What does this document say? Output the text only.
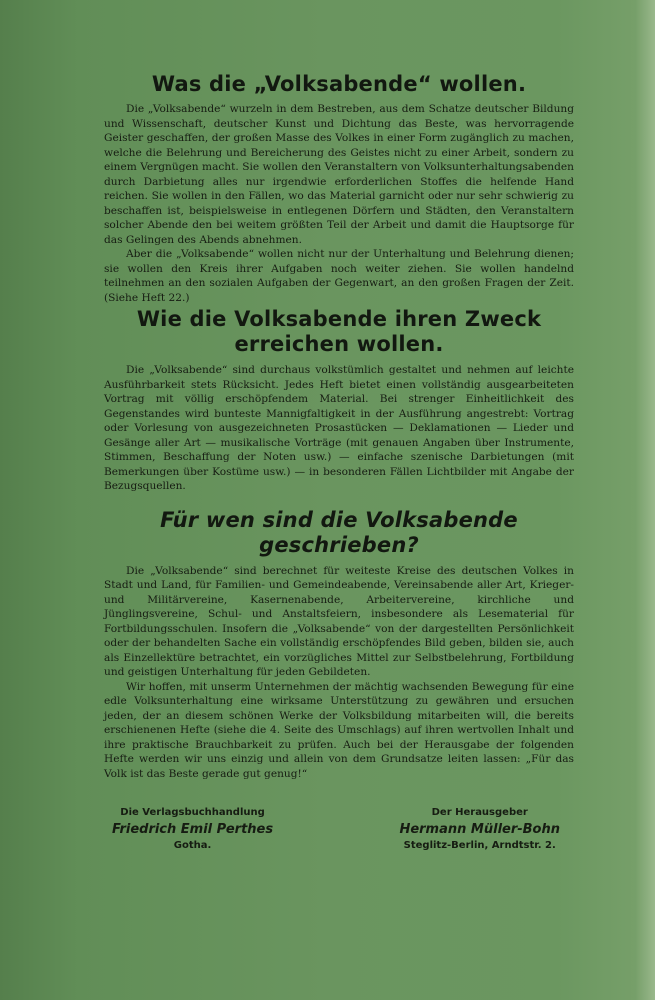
Was die „Volksabende“ wollen.

Die „Volksabende“ wurzeln in dem Bestreben, aus dem Schatze deutscher Bildung und Wissenschaft, deutscher Kunst und Dichtung das Beste, was hervorragende Geister geschaffen, der großen Masse des Volkes in einer Form zugänglich zu machen, welche die Belehrung und Bereicherung des Geistes nicht zu einer Arbeit, sondern zu einem Vergnügen macht. Sie wollen den Veranstaltern von Volksunterhaltungsabenden durch Darbietung alles nur irgendwie erforderlichen Stoffes die helfende Hand reichen. Sie wollen in den Fällen, wo das Material garnicht oder nur sehr schwierig zu beschaffen ist, beispielsweise in entlegenen Dörfern und Städten, den Veranstaltern solcher Abende den bei weitem größten Teil der Arbeit und damit die Hauptsorge für das Gelingen des Abends abnehmen.

Aber die „Volksabende“ wollen nicht nur der Unterhaltung und Belehrung dienen; sie wollen den Kreis ihrer Aufgaben noch weiter ziehen. Sie wollen handelnd teilnehmen an den sozialen Aufgaben der Gegenwart, an den großen Fragen der Zeit. (Siehe Heft 22.)

Wie die Volksabende ihren Zweck erreichen wollen.

Die „Volksabende“ sind durchaus volkstümlich gestaltet und nehmen auf leichte Ausführbarkeit stets Rücksicht. Jedes Heft bietet einen vollständig ausgearbeiteten Vortrag mit völlig erschöpfendem Material. Bei strenger Einheitlichkeit des Gegenstandes wird bunteste Mannigfaltigkeit in der Ausführung angestrebt: Vortrag oder Vorlesung von ausgezeichneten Prosastücken — Deklamationen — Lieder und Gesänge aller Art — musikalische Vorträge (mit genauen Angaben über Instrumente, Stimmen, Beschaffung der Noten usw.) — einfache szenische Darbietungen (mit Bemerkungen über Kostüme usw.) — in besonderen Fällen Lichtbilder mit Angabe der Bezugsquellen.

Für wen sind die Volksabende geschrieben?

Die „Volksabende“ sind berechnet für weiteste Kreise des deutschen Volkes in Stadt und Land, für Familien- und Gemeindeabende, Vereinsabende aller Art, Krieger- und Militärvereine, Kasernenabende, Arbeitervereine, kirchliche und Jünglingsvereine, Schul- und Anstaltsfeiern, insbesondere als Lesematerial für Fortbildungsschulen. Insofern die „Volksabende“ von der dargestellten Persönlichkeit oder der behandelten Sache ein vollständig erschöpfendes Bild geben, bilden sie, auch als Einzellektüre betrachtet, ein vorzügliches Mittel zur Selbstbelehrung, Fortbildung und geistigen Unterhaltung für jeden Gebildeten.

Wir hoffen, mit unserm Unternehmen der mächtig wachsenden Bewegung für eine edle Volksunterhaltung eine wirksame Unterstützung zu gewähren und ersuchen jeden, der an diesem schönen Werke der Volksbildung mitarbeiten will, die bereits erschienenen Hefte (siehe die 4. Seite des Umschlags) auf ihren wertvollen Inhalt und ihre praktische Brauchbarkeit zu prüfen. Auch bei der Herausgabe der folgenden Hefte werden wir uns einzig und allein von dem Grundsatze leiten lassen: „Für das Volk ist das Beste gerade gut genug!“

Die Verlagsbuchhandlung
Friedrich Emil Perthes
Gotha.
Der Herausgeber
Hermann Müller-Bohn
Steglitz-Berlin, Arndtstr. 2.
